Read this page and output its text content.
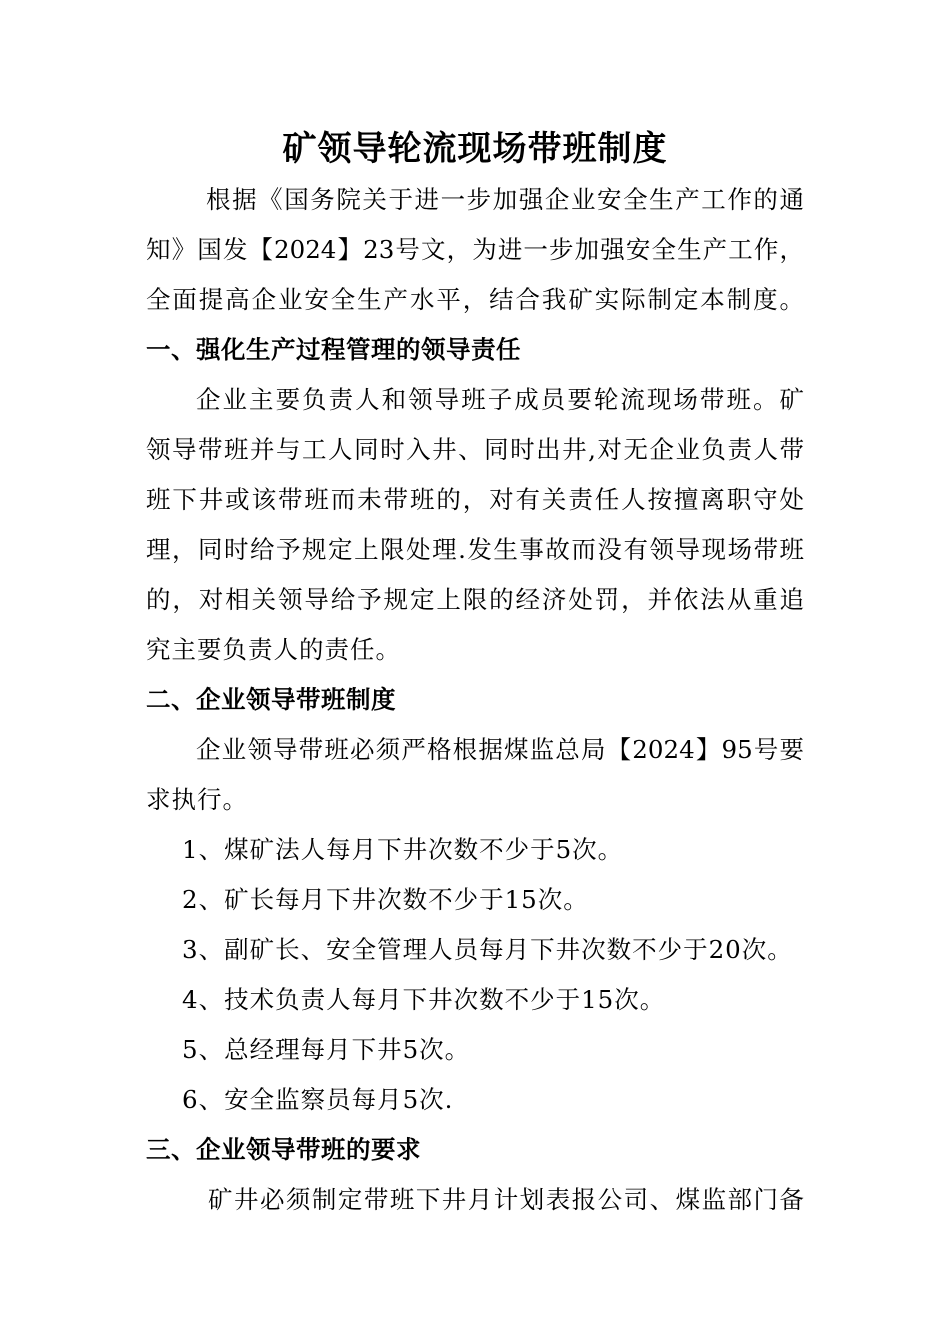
矿领导轮流现场带班制度
根据《国务院关于进一步加强企业安全生产工作的通
知》国发【2024】23号文，为进一步加强安全生产工作，
全面提高企业安全生产水平，结合我矿实际制定本制度。
一、强化生产过程管理的领导责任
企业主要负责人和领导班子成员要轮流现场带班。矿
领导带班并与工人同时入井、同时出井,对无企业负责人带
班下井或该带班而未带班的，对有关责任人按擅离职守处
理，同时给予规定上限处理.发生事故而没有领导现场带班
的，对相关领导给予规定上限的经济处罚，并依法从重追
究主要负责人的责任。
二、企业领导带班制度
企业领导带班必须严格根据煤监总局【2024】95号要
求执行。
1、煤矿法人每月下井次数不少于5次。
2、矿长每月下井次数不少于15次。
3、副矿长、安全管理人员每月下井次数不少于20次。
4、技术负责人每月下井次数不少于15次。
5、总经理每月下井5次。
6、安全监察员每月5次.
三、企业领导带班的要求
矿井必须制定带班下井月计划表报公司、煤监部门备
